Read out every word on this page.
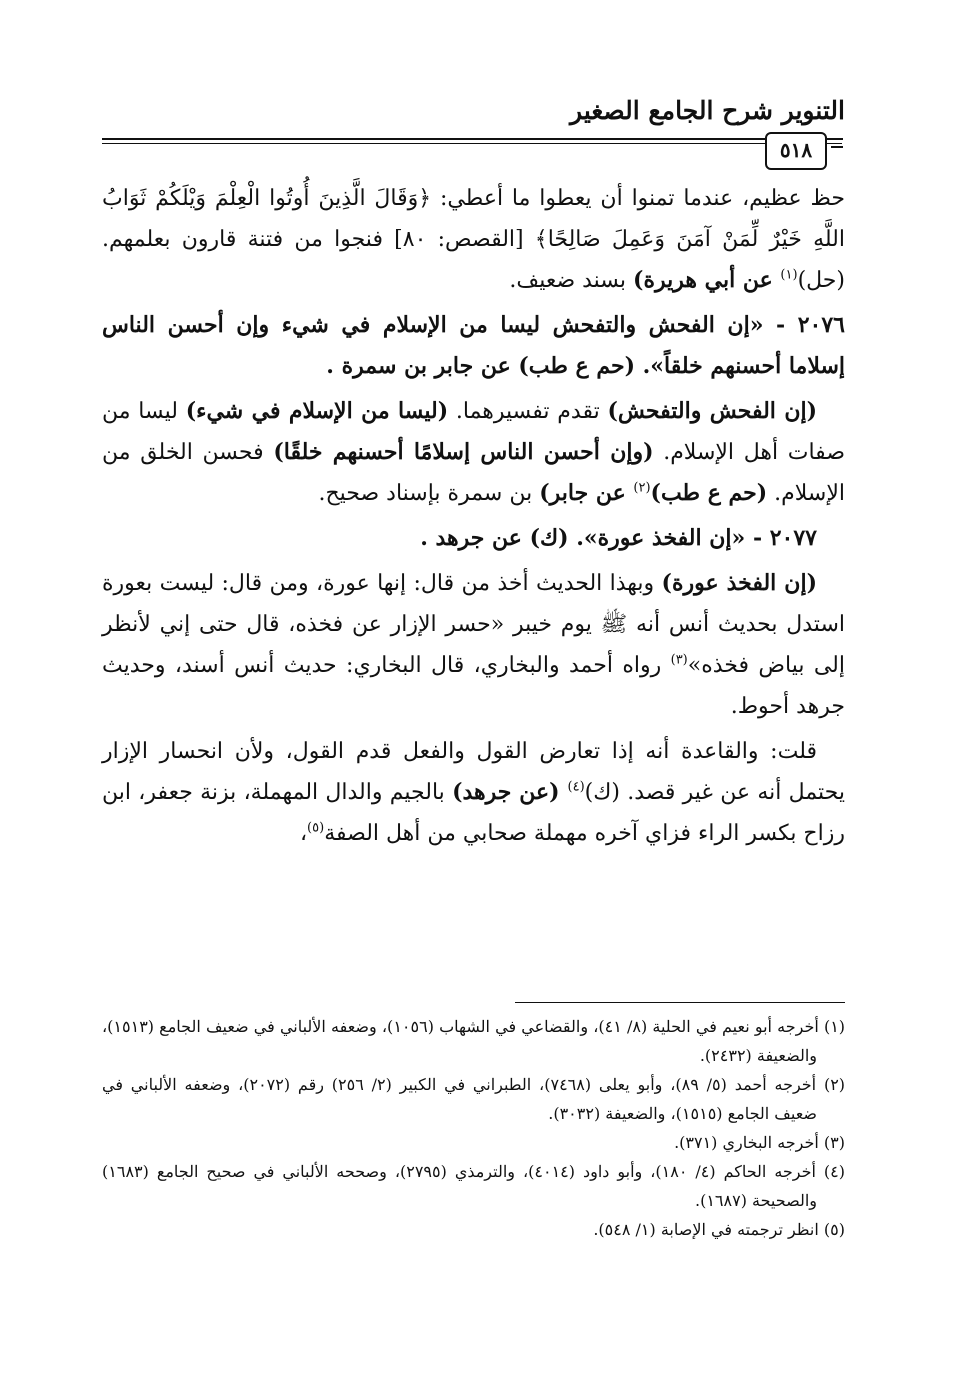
التنوير شرح الجامع الصغير
٥١٨

حظ عظيم، عندما تمنوا أن يعطوا ما أعطي: ﴿وَقَالَ الَّذِينَ أُوتُوا الْعِلْمَ وَيْلَكُمْ ثَوَابُ اللَّهِ خَيْرٌ لِّمَنْ آمَنَ وَعَمِلَ صَالِحًا﴾ [القصص: ٨٠] فنجوا من فتنة قارون بعلمهم. (حل)$^{(١)}$ عن أبي هريرة) بسند ضعيف.

٢٠٧٦ - «إن الفحش والتفحش ليسا من الإسلام في شيء وإن أحسن الناس إسلاما أحسنهم خلقاً». (حم ع طب) عن جابر بن سمرة .

(إن الفحش والتفحش) تقدم تفسيرهما. (ليسا من الإسلام في شيء) ليسا من صفات أهل الإسلام. (وإن أحسن الناس إسلامًا أحسنهم خلقًا) فحسن الخلق من الإسلام. (حم ع طب)$^{(٢)}$ عن جابر) بن سمرة بإسناد صحيح.

٢٠٧٧ - «إن الفخذ عورة». (ك) عن جرهد .

(إن الفخذ عورة) وبهذا الحديث أخذ من قال: إنها عورة، ومن قال: ليست بعورة استدل بحديث أنس أنه ﷺ يوم خيبر «حسر الإزار عن فخذه، قال حتى إني لأنظر إلى بياض فخذه»$^{(٣)}$ رواه أحمد والبخاري، قال البخاري: حديث أنس أسند، وحديث جرهد أحوط.

قلت: والقاعدة أنه إذا تعارض القول والفعل قدم القول، ولأن انحسار الإزار يحتمل أنه عن غير قصد. (ك)$^{(٤)}$ (عن جرهد) بالجيم والدال المهملة، بزنة جعفر، ابن رزاح بكسر الراء فزاي آخره مهملة صحابي من أهل الصفة$^{(٥)}$،

(١) أخرجه أبو نعيم في الحلية (٨/ ٤١)، والقضاعي في الشهاب (١٠٥٦)، وضعفه الألباني في ضعيف الجامع (١٥١٣)، والضعيفة (٢٤٣٢).

(٢) أخرجه أحمد (٥/ ٨٩)، وأبو يعلى (٧٤٦٨)، الطبراني في الكبير (٢/ ٢٥٦) رقم (٢٠٧٢)، وضعفه الألباني في ضعيف الجامع (١٥١٥)، والضعيفة (٣٠٣٢).

(٣) أخرجه البخاري (٣٧١).

(٤) أخرجه الحاكم (٤/ ١٨٠)، وأبو داود (٤٠١٤)، والترمذي (٢٧٩٥)، وصححه الألباني في صحيح الجامع (١٦٨٣) والصحيحة (١٦٨٧).

(٥) انظر ترجمته في الإصابة (١/ ٥٤٨).
